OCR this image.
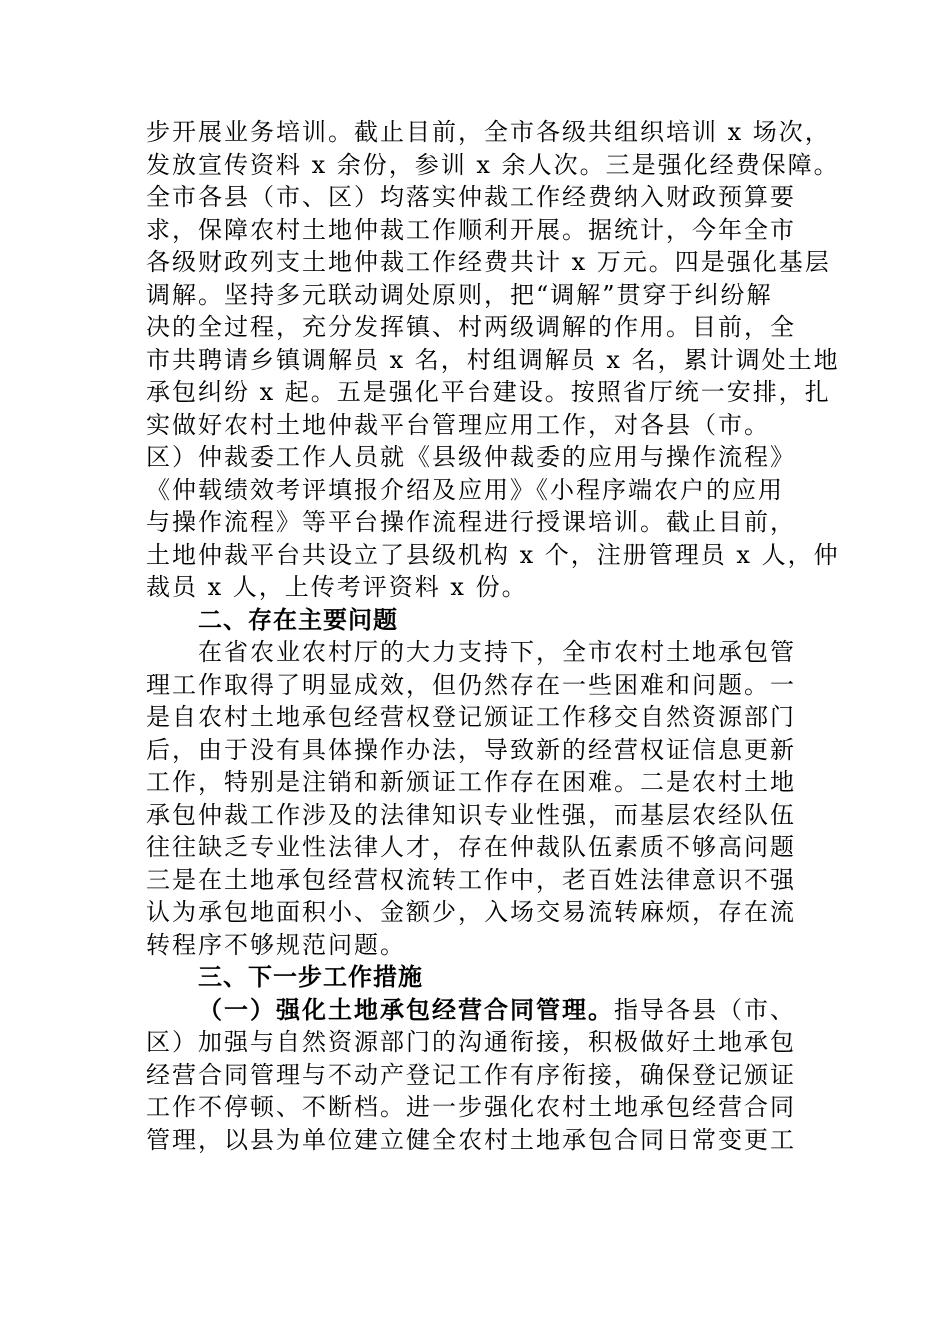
步开展业务培训。截止目前，全市各级共组织培训 x 场次，
发放宣传资料 x 余份，参训 x 余人次。三是强化经费保障。
全市各县（市、区）均落实仲裁工作经费纳入财政预算要
求，保障农村土地仲裁工作顺利开展。据统计，今年全市
各级财政列支土地仲裁工作经费共计 x 万元。四是强化基层
调解。坚持多元联动调处原则，把“调解”贯穿于纠纷解
决的全过程，充分发挥镇、村两级调解的作用。目前，全
市共聘请乡镇调解员 x 名，村组调解员 x 名，累计调处土地
承包纠纷 x 起。五是强化平台建设。按照省厅统一安排，扎
实做好农村土地仲裁平台管理应用工作，对各县（市。
区）仲裁委工作人员就《县级仲裁委的应用与操作流程》
《仲载绩效考评填报介绍及应用》《小程序端农户的应用
与操作流程》等平台操作流程进行授课培训。截止目前，
土地仲裁平台共设立了县级机构 x 个，注册管理员 x 人，仲
裁员 x 人，上传考评资料 x 份。
二、存在主要问题
在省农业农村厅的大力支持下，全市农村土地承包管
理工作取得了明显成效，但仍然存在一些困难和问题。一
是自农村土地承包经营权登记颁证工作移交自然资源部门
后，由于没有具体操作办法，导致新的经营权证信息更新
工作，特别是注销和新颁证工作存在困难。二是农村土地
承包仲裁工作涉及的法律知识专业性强，而基层农经队伍
往往缺乏专业性法律人才，存在仲裁队伍素质不够高问题
三是在土地承包经营权流转工作中，老百姓法律意识不强
认为承包地面积小、金额少，入场交易流转麻烦，存在流
转程序不够规范问题。
三、下一步工作措施
（一）强化土地承包经营合同管理。指导各县（市、
区）加强与自然资源部门的沟通衔接，积极做好土地承包
经营合同管理与不动产登记工作有序衔接，确保登记颁证
工作不停顿、不断档。进一步强化农村土地承包经营合同
管理，以县为单位建立健全农村土地承包合同日常变更工
